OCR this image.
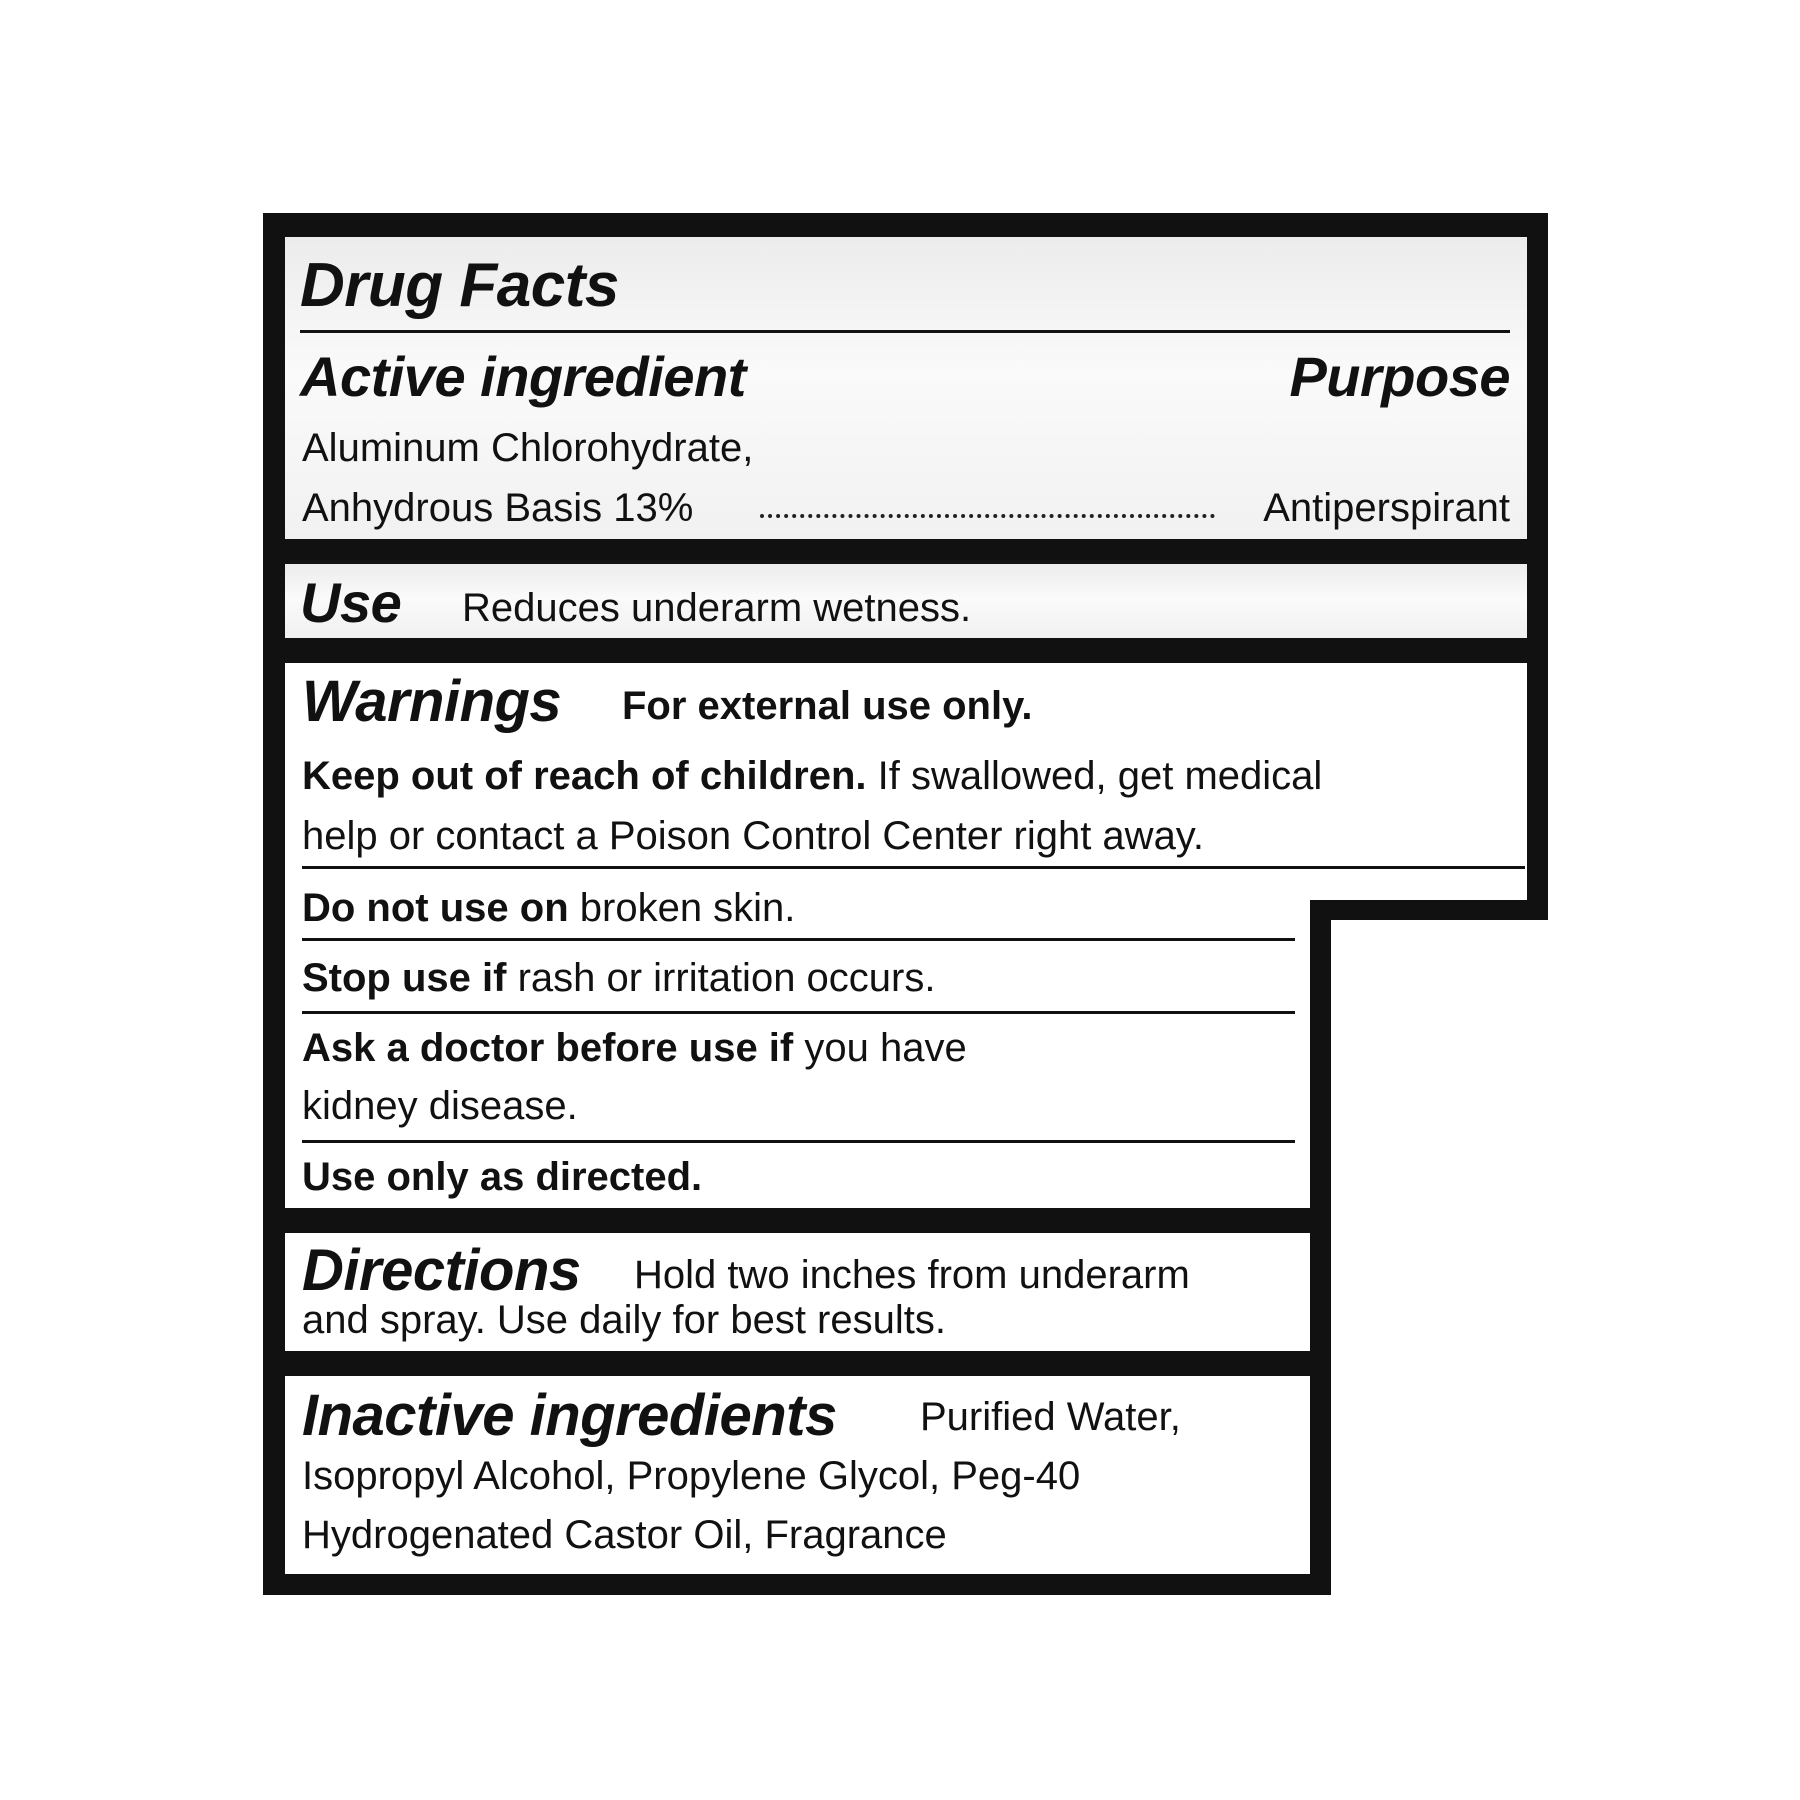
Drug Facts
Active ingredient	Purpose
Aluminum Chlorohydrate,
Anhydrous Basis 13%	Antiperspirant
Use Reduces underarm wetness.
Warnings For external use only.
Keep out of reach of children. If swallowed, get medical
help or contact a Poison Control Center right away.
Do not use on broken skin.
Stop use if rash or irritation occurs.
Ask a doctor before use if you have
kidney disease.
Use only as directed.
Directions Hold two inches from underarm
and spray. Use daily for best results.
Inactive ingredients Purified Water,
Isopropyl Alcohol, Propylene Glycol, Peg-40
Hydrogenated Castor Oil, Fragrance
